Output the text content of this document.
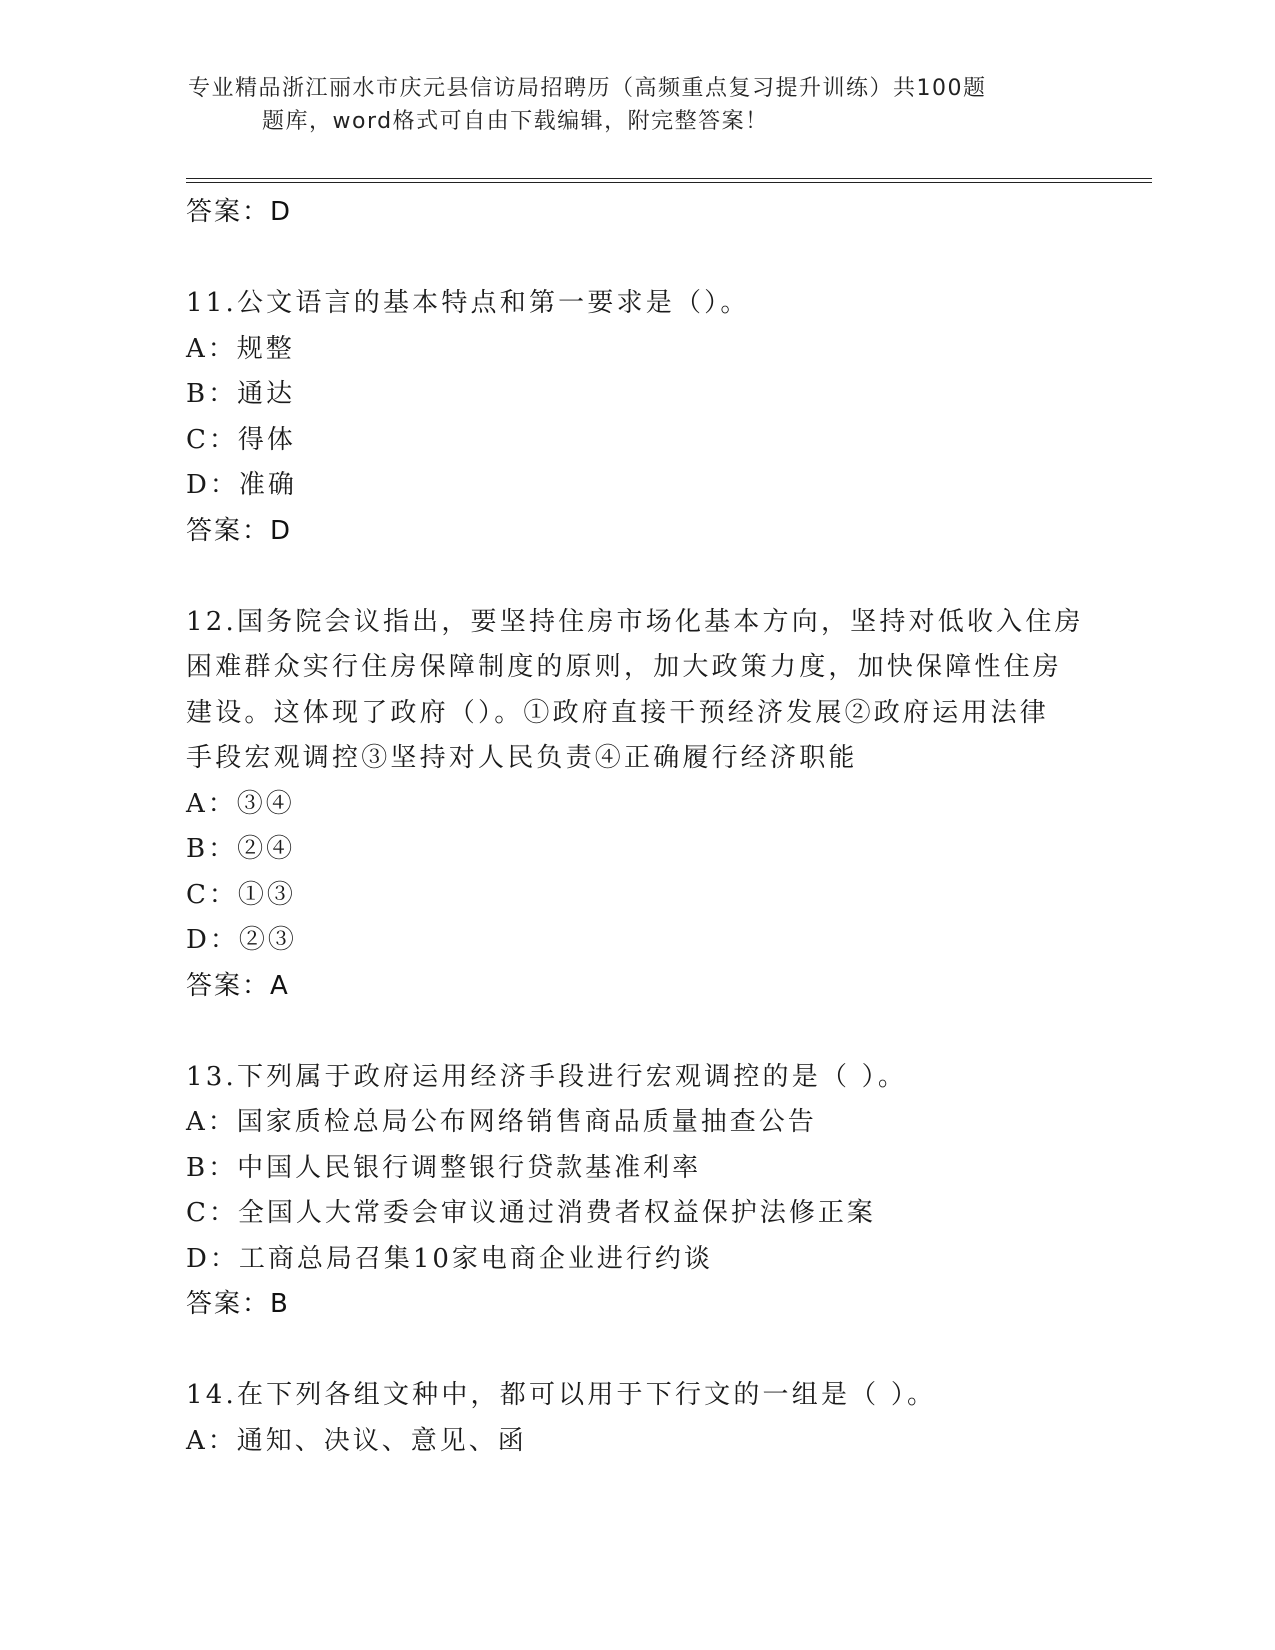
专业精品浙江丽水市庆元县信访局招聘历（高频重点复习提升训练）共100题
题库，word格式可自由下载编辑，附完整答案！
答案：D
11.公文语言的基本特点和第一要求是（）。
A：规整
B：通达
C：得体
D：准确
答案：D
12.国务院会议指出，要坚持住房市场化基本方向，坚持对低收入住房
困难群众实行住房保障制度的原则，加大政策力度，加快保障性住房
建设。这体现了政府（）。①政府直接干预经济发展②政府运用法律
手段宏观调控③坚持对人民负责④正确履行经济职能
A：③④
B：②④
C：①③
D：②③
答案：A
13.下列属于政府运用经济手段进行宏观调控的是（ ）。
A：国家质检总局公布网络销售商品质量抽查公告
B：中国人民银行调整银行贷款基准利率
C：全国人大常委会审议通过消费者权益保护法修正案
D：工商总局召集10家电商企业进行约谈
答案：B
14.在下列各组文种中，都可以用于下行文的一组是（ ）。
A：通知、决议、意见、函
